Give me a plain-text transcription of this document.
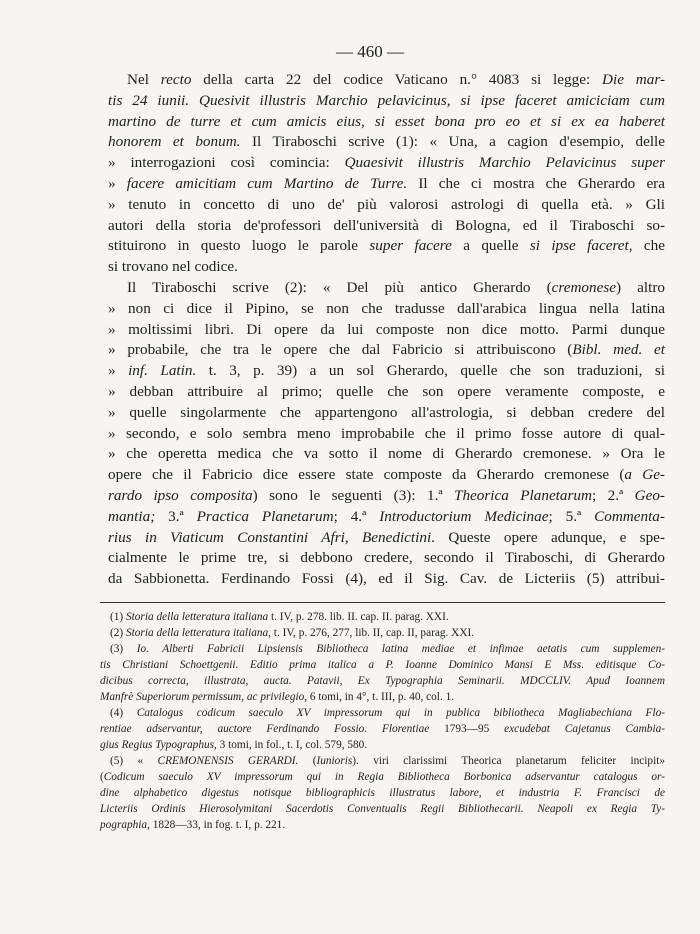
— 460 —
Nel recto della carta 22 del codice Vaticano n.° 4083 si legge: Die mar-
tis 24 iunii. Quesivit illustris Marchio pelavicinus, si ipse faceret amiciciam cum
martino de turre et cum amicis eius, si esset bona pro eo et si ex ea haberet
honorem et bonum. Il Tiraboschi scrive (1): « Una, a cagion d'esempio, delle
» interrogazioni così comincia: Quaesivit illustris Marchio Pelavicinus super
» facere amicitiam cum Martino de Turre. Il che ci mostra che Gherardo era
» tenuto in concetto di uno de' più valorosi astrologi di quella età. » Gli
autori della storia de'professori dell'università di Bologna, ed il Tiraboschi so-
stituirono in questo luogo le parole super facere a quelle si ipse faceret, che
si trovano nel codice.
Il Tiraboschi scrive (2): « Del più antico Gherardo (cremonese) altro
» non ci dice il Pipino, se non che tradusse dall'arabica lingua nella latina
» moltissimi libri. Di opere da lui composte non dice motto. Parmi dunque
» probabile, che tra le opere che dal Fabricio si attribuiscono (Bibl. med. et
» inf. Latin. t. 3, p. 39) a un sol Gherardo, quelle che son traduzioni, si
» debban attribuire al primo; quelle che son opere veramente composte, e
» quelle singolarmente che appartengono all'astrologia, si debban credere del
» secondo, e solo sembra meno improbabile che il primo fosse autore di qual-
» che operetta medica che va sotto il nome di Gherardo cremonese. » Ora le
opere che il Fabricio dice essere state composte da Gherardo cremonese (a Ge-
rardo ipso composita) sono le seguenti (3): 1.ª Theorica Planetarum; 2.ª Geo-
mantia; 3.ª Practica Planetarum; 4.ª Introductorium Medicinae; 5.ª Commenta-
rius in Viaticum Constantini Afri, Benedictini. Queste opere adunque, e spe-
cialmente le prime tre, si debbono credere, secondo il Tiraboschi, di Gherardo
da Sabbionetta. Ferdinando Fossi (4), ed il Sig. Cav. de Licteriis (5) attribui-
(1) Storia della letteratura italiana t. IV, p. 278. lib. II. cap. II. parag. XXI.
(2) Storia della letteratura italiana, t. IV, p. 276, 277, lib. II, cap. II, parag. XXI.
(3) Io. Alberti Fabricii Lipsiensis Bibliotheca latina mediae et infimae aetatis cum supplemen-
tis Christiani Schoettgenii. Editio prima italica a P. Ioanne Dominico Mansi E Mss. editisque Co-
dicibus correcta, illustrata, aucta. Patavii, Ex Typographia Seminarii. MDCCLIV. Apud Ioannem
Manfrè Superiorum permissum, ac privilegio, 6 tomi, in 4°, t. III, p. 40, col. 1.
(4) Catalogus codicum saeculo XV impressorum qui in publica bibliotheca Magliabechiana Flo-
rentiae adservantur, auctore Ferdinando Fossio. Florentiae 1793—95 excudebat Cajetanus Cambia-
gius Regius Typographus, 3 tomi, in fol., t. I, col. 579, 580.
(5) « CREMONENSIS GERARDI. (Iunioris). viri clarissimi Theorica planetarum feliciter incipit»
(Codicum saeculo XV impressorum qui in Regia Bibliotheca Borbonica adservantur catalogus or-
dine alphabetico digestus notisque bibliographicis illustratus labore, et industria F. Francisci de
Licteriis Ordinis Hierosolymitani Sacerdotis Conventualis Regii Bibliothecarii. Neapoli ex Regia Ty-
pographia, 1828—33, in fog. t. I, p. 221.
